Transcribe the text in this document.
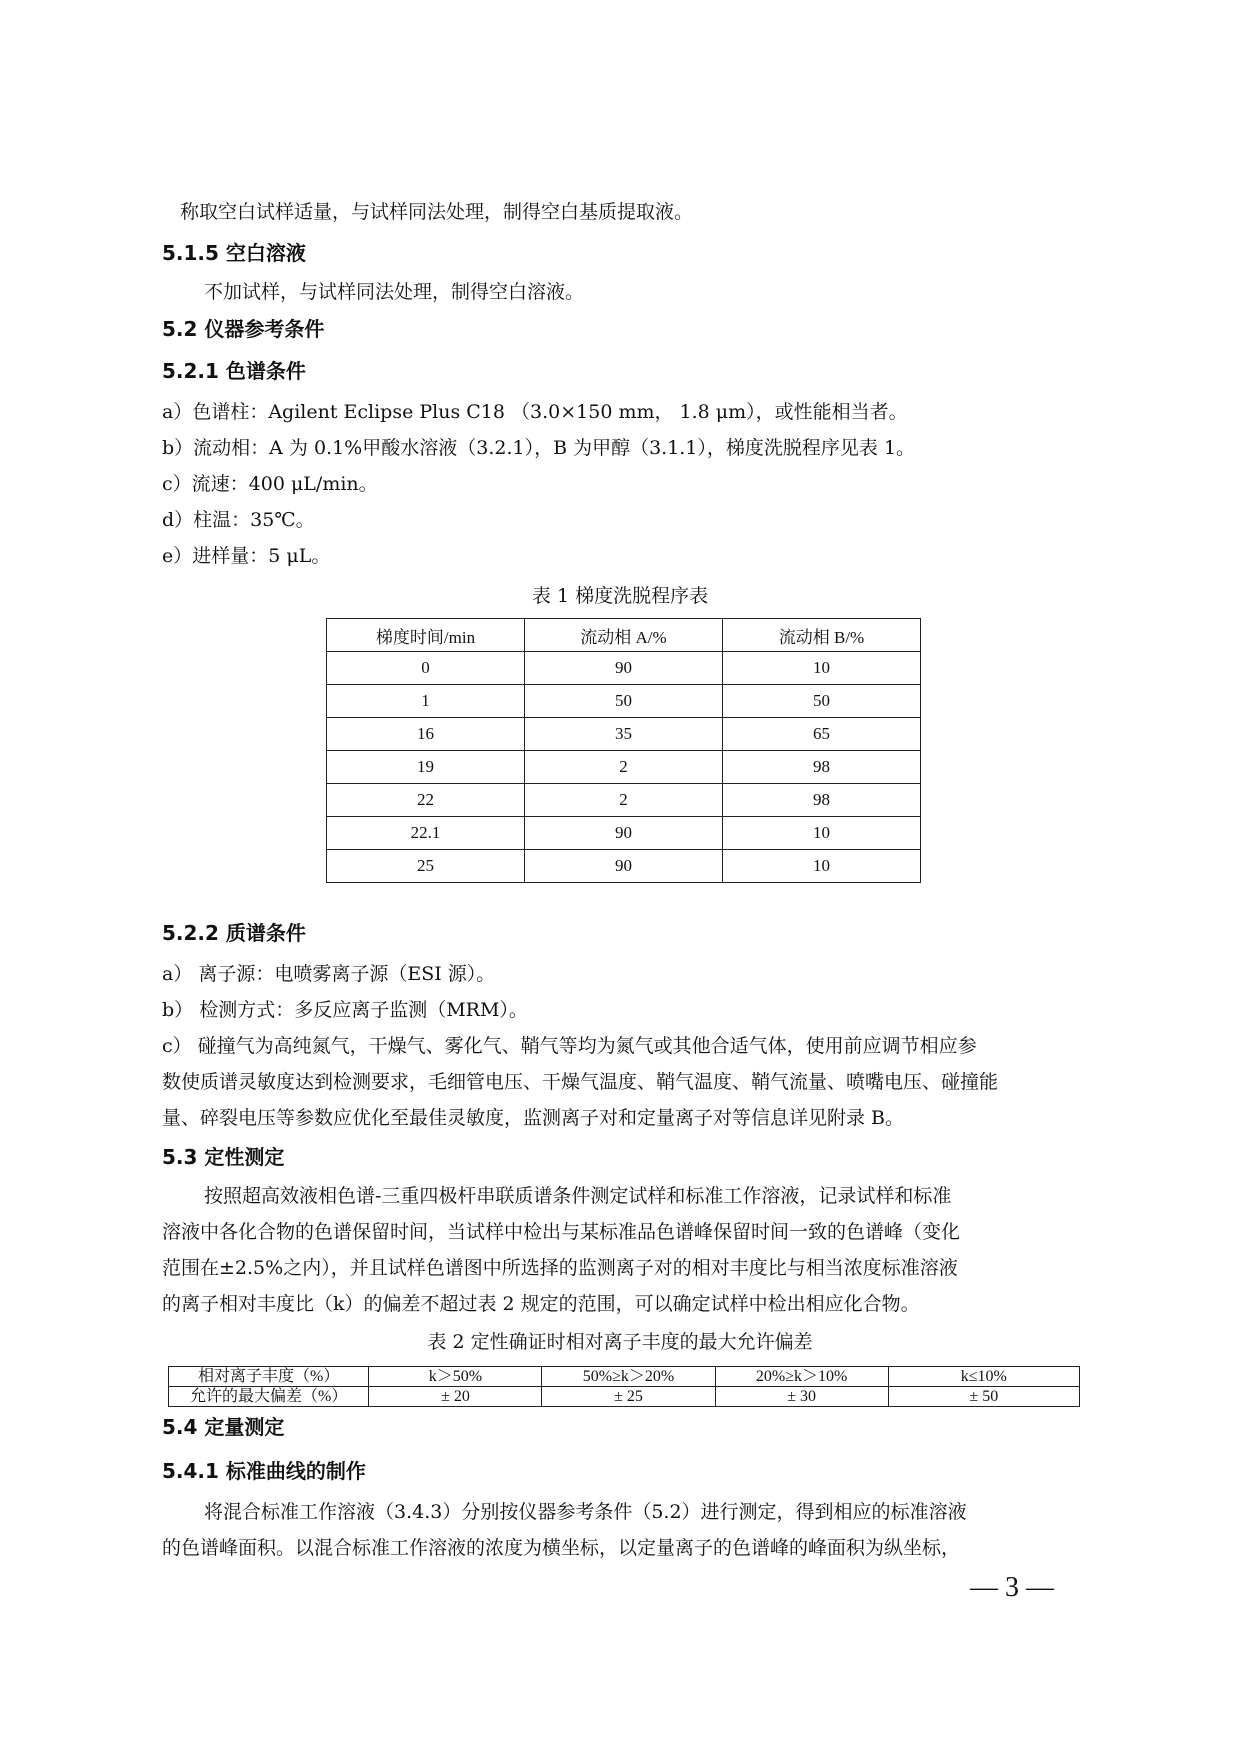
称取空白试样适量，与试样同法处理，制得空白基质提取液。
5.1.5 空白溶液
不加试样，与试样同法处理，制得空白溶液。
5.2 仪器参考条件
5.2.1 色谱条件
a）色谱柱：Agilent Eclipse Plus C18 （3.0×150 mm， 1.8 μm），或性能相当者。
b）流动相：A 为 0.1%甲酸水溶液（3.2.1），B 为甲醇（3.1.1），梯度洗脱程序见表 1。
c）流速：400 μL/min。
d）柱温：35℃。
e）进样量：5 μL。
表 1 梯度洗脱程序表
梯度时间/min	流动相 A/%	流动相 B/%
0	90	10
1	50	50
16	35	65
19	2	98
22	2	98
22.1	90	10
25	90	10
5.2.2 质谱条件
a） 离子源：电喷雾离子源（ESI 源）。
b） 检测方式：多反应离子监测（MRM）。
c） 碰撞气为高纯氮气，干燥气、雾化气、鞘气等均为氮气或其他合适气体，使用前应调节相应参
数使质谱灵敏度达到检测要求，毛细管电压、干燥气温度、鞘气温度、鞘气流量、喷嘴电压、碰撞能
量、碎裂电压等参数应优化至最佳灵敏度，监测离子对和定量离子对等信息详见附录 B。
5.3 定性测定
按照超高效液相色谱-三重四极杆串联质谱条件测定试样和标准工作溶液，记录试样和标准
溶液中各化合物的色谱保留时间，当试样中检出与某标准品色谱峰保留时间一致的色谱峰（变化
范围在±2.5%之内），并且试样色谱图中所选择的监测离子对的相对丰度比与相当浓度标准溶液
的离子相对丰度比（k）的偏差不超过表 2 规定的范围，可以确定试样中检出相应化合物。
表 2 定性确证时相对离子丰度的最大允许偏差
相对离子丰度（%）	k＞50%	50%≥k＞20%	20%≥k＞10%	k≤10%
允许的最大偏差（%）	± 20	± 25	± 30	± 50
5.4 定量测定
5.4.1 标准曲线的制作
将混合标准工作溶液（3.4.3）分别按仪器参考条件（5.2）进行测定，得到相应的标准溶液
的色谱峰面积。以混合标准工作溶液的浓度为横坐标，以定量离子的色谱峰的峰面积为纵坐标，
— 3 —
